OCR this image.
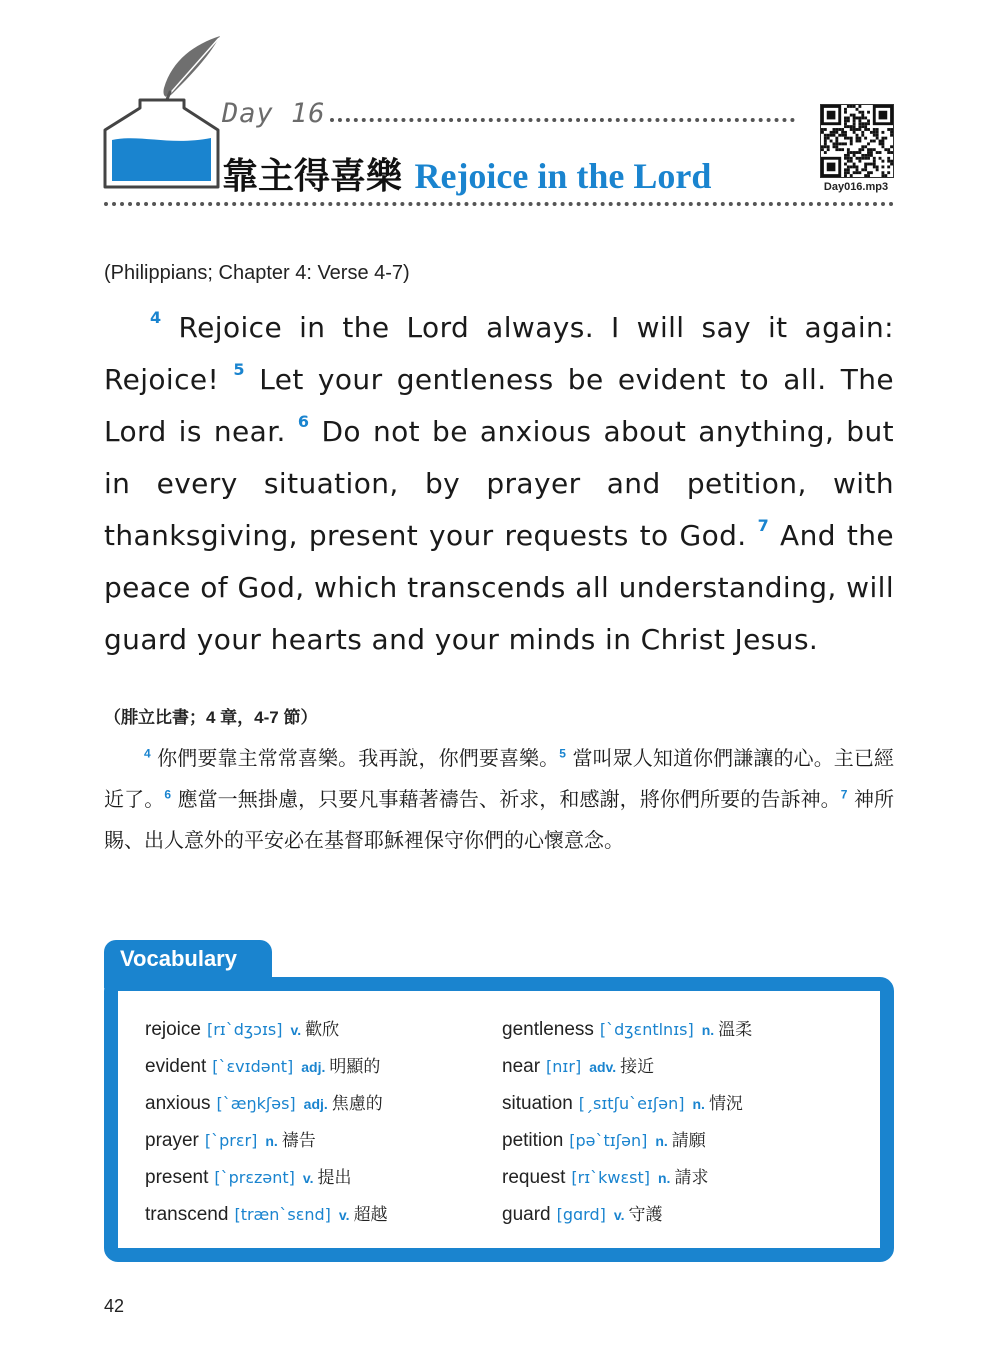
Day 16
靠主得喜樂 Rejoice in the Lord	Day016.mp3
(Philippians; Chapter 4: Verse 4-7)
$^4$ Rejoice in the Lord always. I will say it again: Rejoice! $^5$ Let your gentleness be evident to all. The Lord is near. $^6$ Do not be anxious about anything, but in every situation, by prayer and petition, with thanksgiving, present your requests to God. $^7$ And the peace of God, which transcends all understanding, will guard your hearts and your minds in Christ Jesus.
（腓立比書；4 章，4-7 節）
$^4$ 你們要靠主常常喜樂。我再說，你們要喜樂。$^5$ 當叫眾人知道你們謙讓的心。主已經近了。$^6$ 應當一無掛慮，只要凡事藉著禱告、祈求，和感謝，將你們所要的告訴神。$^7$ 神所賜、出人意外的平安必在基督耶穌裡保守你們的心懷意念。
Vocabulary
rejoice [rɪˋdʒɔɪs] v. 歡欣
evident [ˋɛvɪdənt] adj. 明顯的
anxious [ˋæŋkʃəs] adj. 焦慮的
prayer [ˋprɛr] n. 禱告
present [ˋprɛzənt] v. 提出
transcend [trænˋsɛnd] v. 超越
gentleness [ˋdʒɛntlnɪs] n. 溫柔
near [nɪr] adv. 接近
situation [ˏsɪtʃuˋeɪʃən] n. 情況
petition [pəˋtɪʃən] n. 請願
request [rɪˋkwɛst] n. 請求
guard [gɑrd] v. 守護
42
